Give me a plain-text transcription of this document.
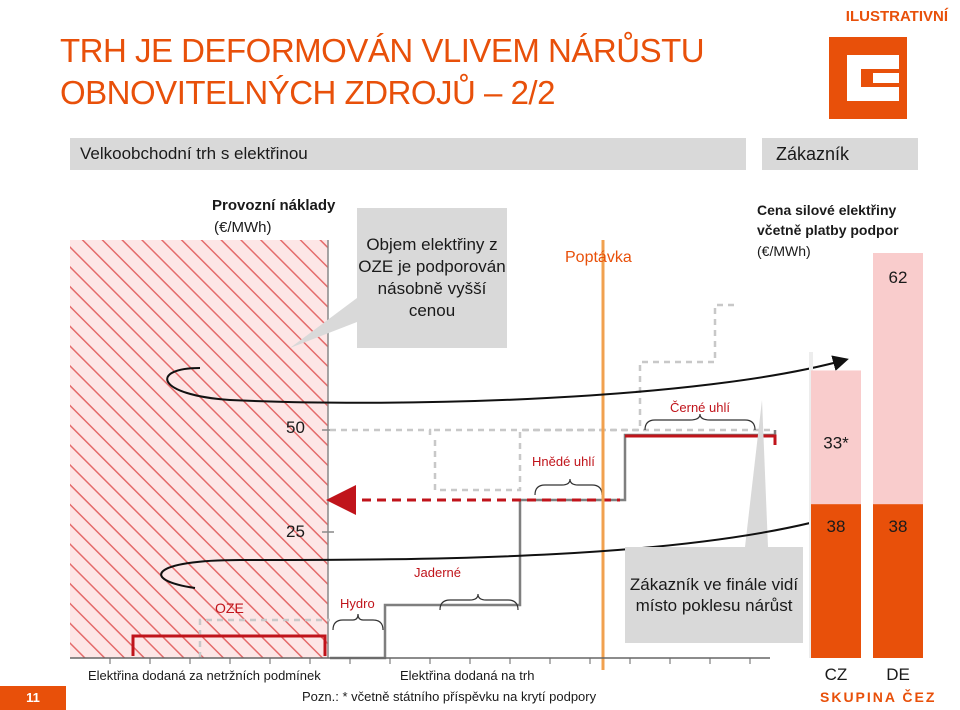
TRH JE DEFORMOVÁN VLIVEM NÁRŮSTU
OBNOVITELNÝCH ZDROJŮ – 2/2
ILUSTRATIVNÍ
Velkoobchodní trh s elektřinou	Zákazník
Provozní náklady
(€/MWh)
Objem elektřiny z OZE je podporován násobně vyšší cenou
Poptávka
50
25
OZE	Hydro
Jaderné
Hnědé uhlí
Černé uhlí
Elektřina dodaná za netržních podmínek	Elektřina dodaná na trh
Zákazník ve finále vidí místo poklesu nárůst
Cena silové elektřiny včetně platby podpor
(€/MWh)
38
33*
CZ
38
62
DE
11	Pozn.: * včetně státního příspěvku na krytí podpory	SKUPINA ČEZ
